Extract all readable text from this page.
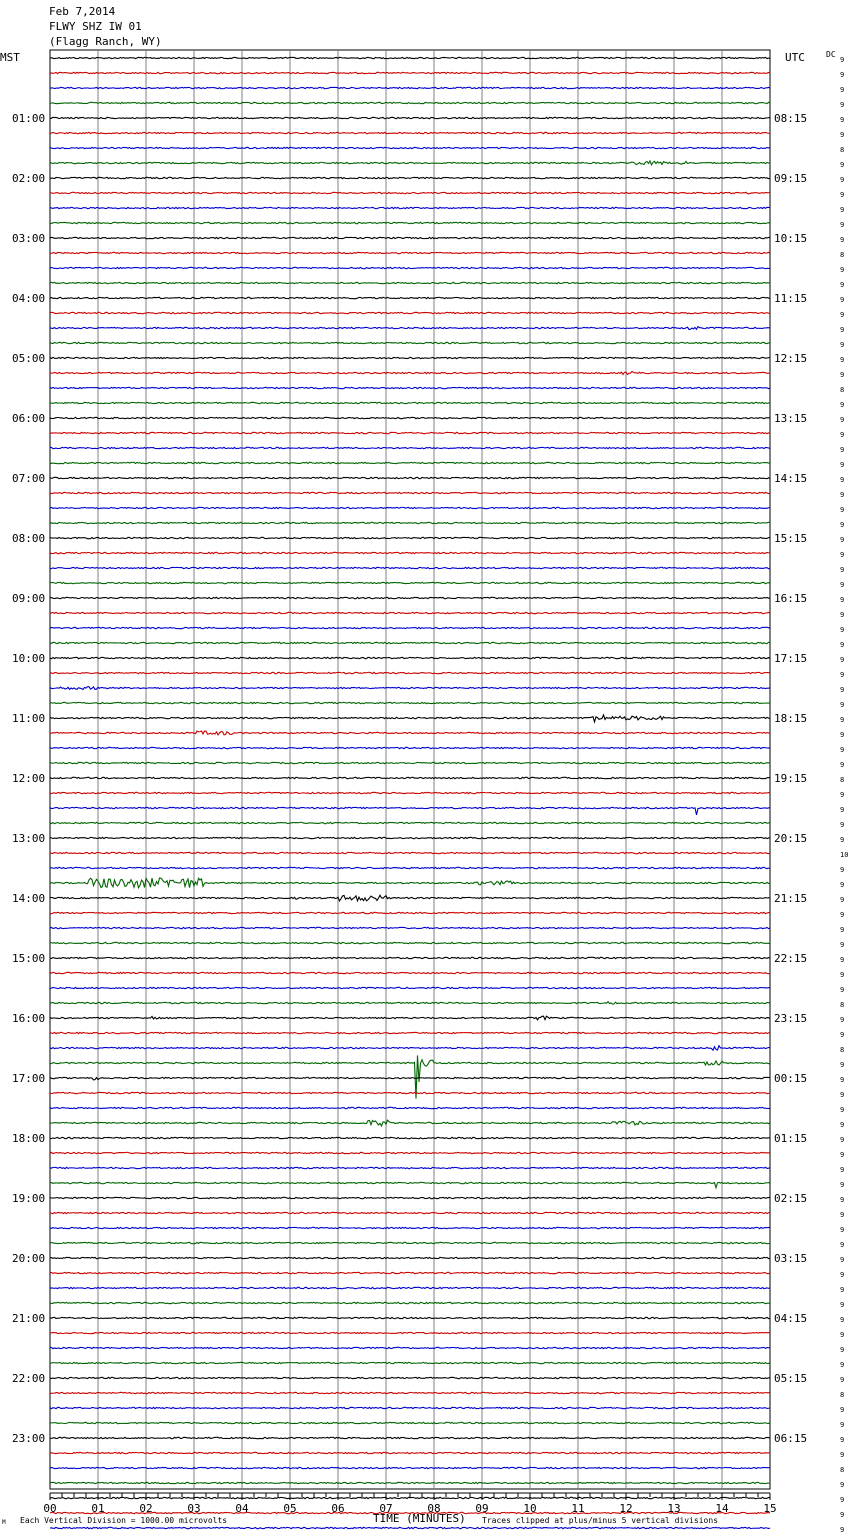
Feb 7,2014
FLWY SHZ IW 01
(Flagg Ranch, WY)
MST	UTC	DC
9
9
9
9
9
9
8
9
9
9
9
9
9
8
9
9
9
9
9
9
9
9
8
9
9
9
9
9
9
9
9
9
9
9
9
9
9
9
9
9
9
9
9
9
9
9
9
9
8
9
9
9
9
10
9
9
9
9
9
9
9
9
9
8
9
9
8
9
9
9
9
9
9
9
9
9
9
9
9
9
9
9
9
9
9
9
9
9
9
8
9
9
9
9
8
9
9
9
9
01:00
02:00
03:00
04:00
05:00
06:00
07:00
08:00
09:00
10:00
11:00
12:00
13:00
14:00
15:00
16:00
17:00
18:00
19:00
20:00
21:00
22:00
23:00
08:15
09:15
10:15
11:15
12:15
13:15
14:15
15:15
16:15
17:15
18:15
19:15
20:15
21:15
22:15
23:15
00:15
01:15
02:15
03:15
04:15
05:15
06:15
00	01	02	03	04	05	06	07	08	09	10	11	12	13	14	15
TIME (MINUTES)
Each Vertical Division = 1000.00 microvolts	Traces clipped at plus/minus 5 vertical divisions
M
